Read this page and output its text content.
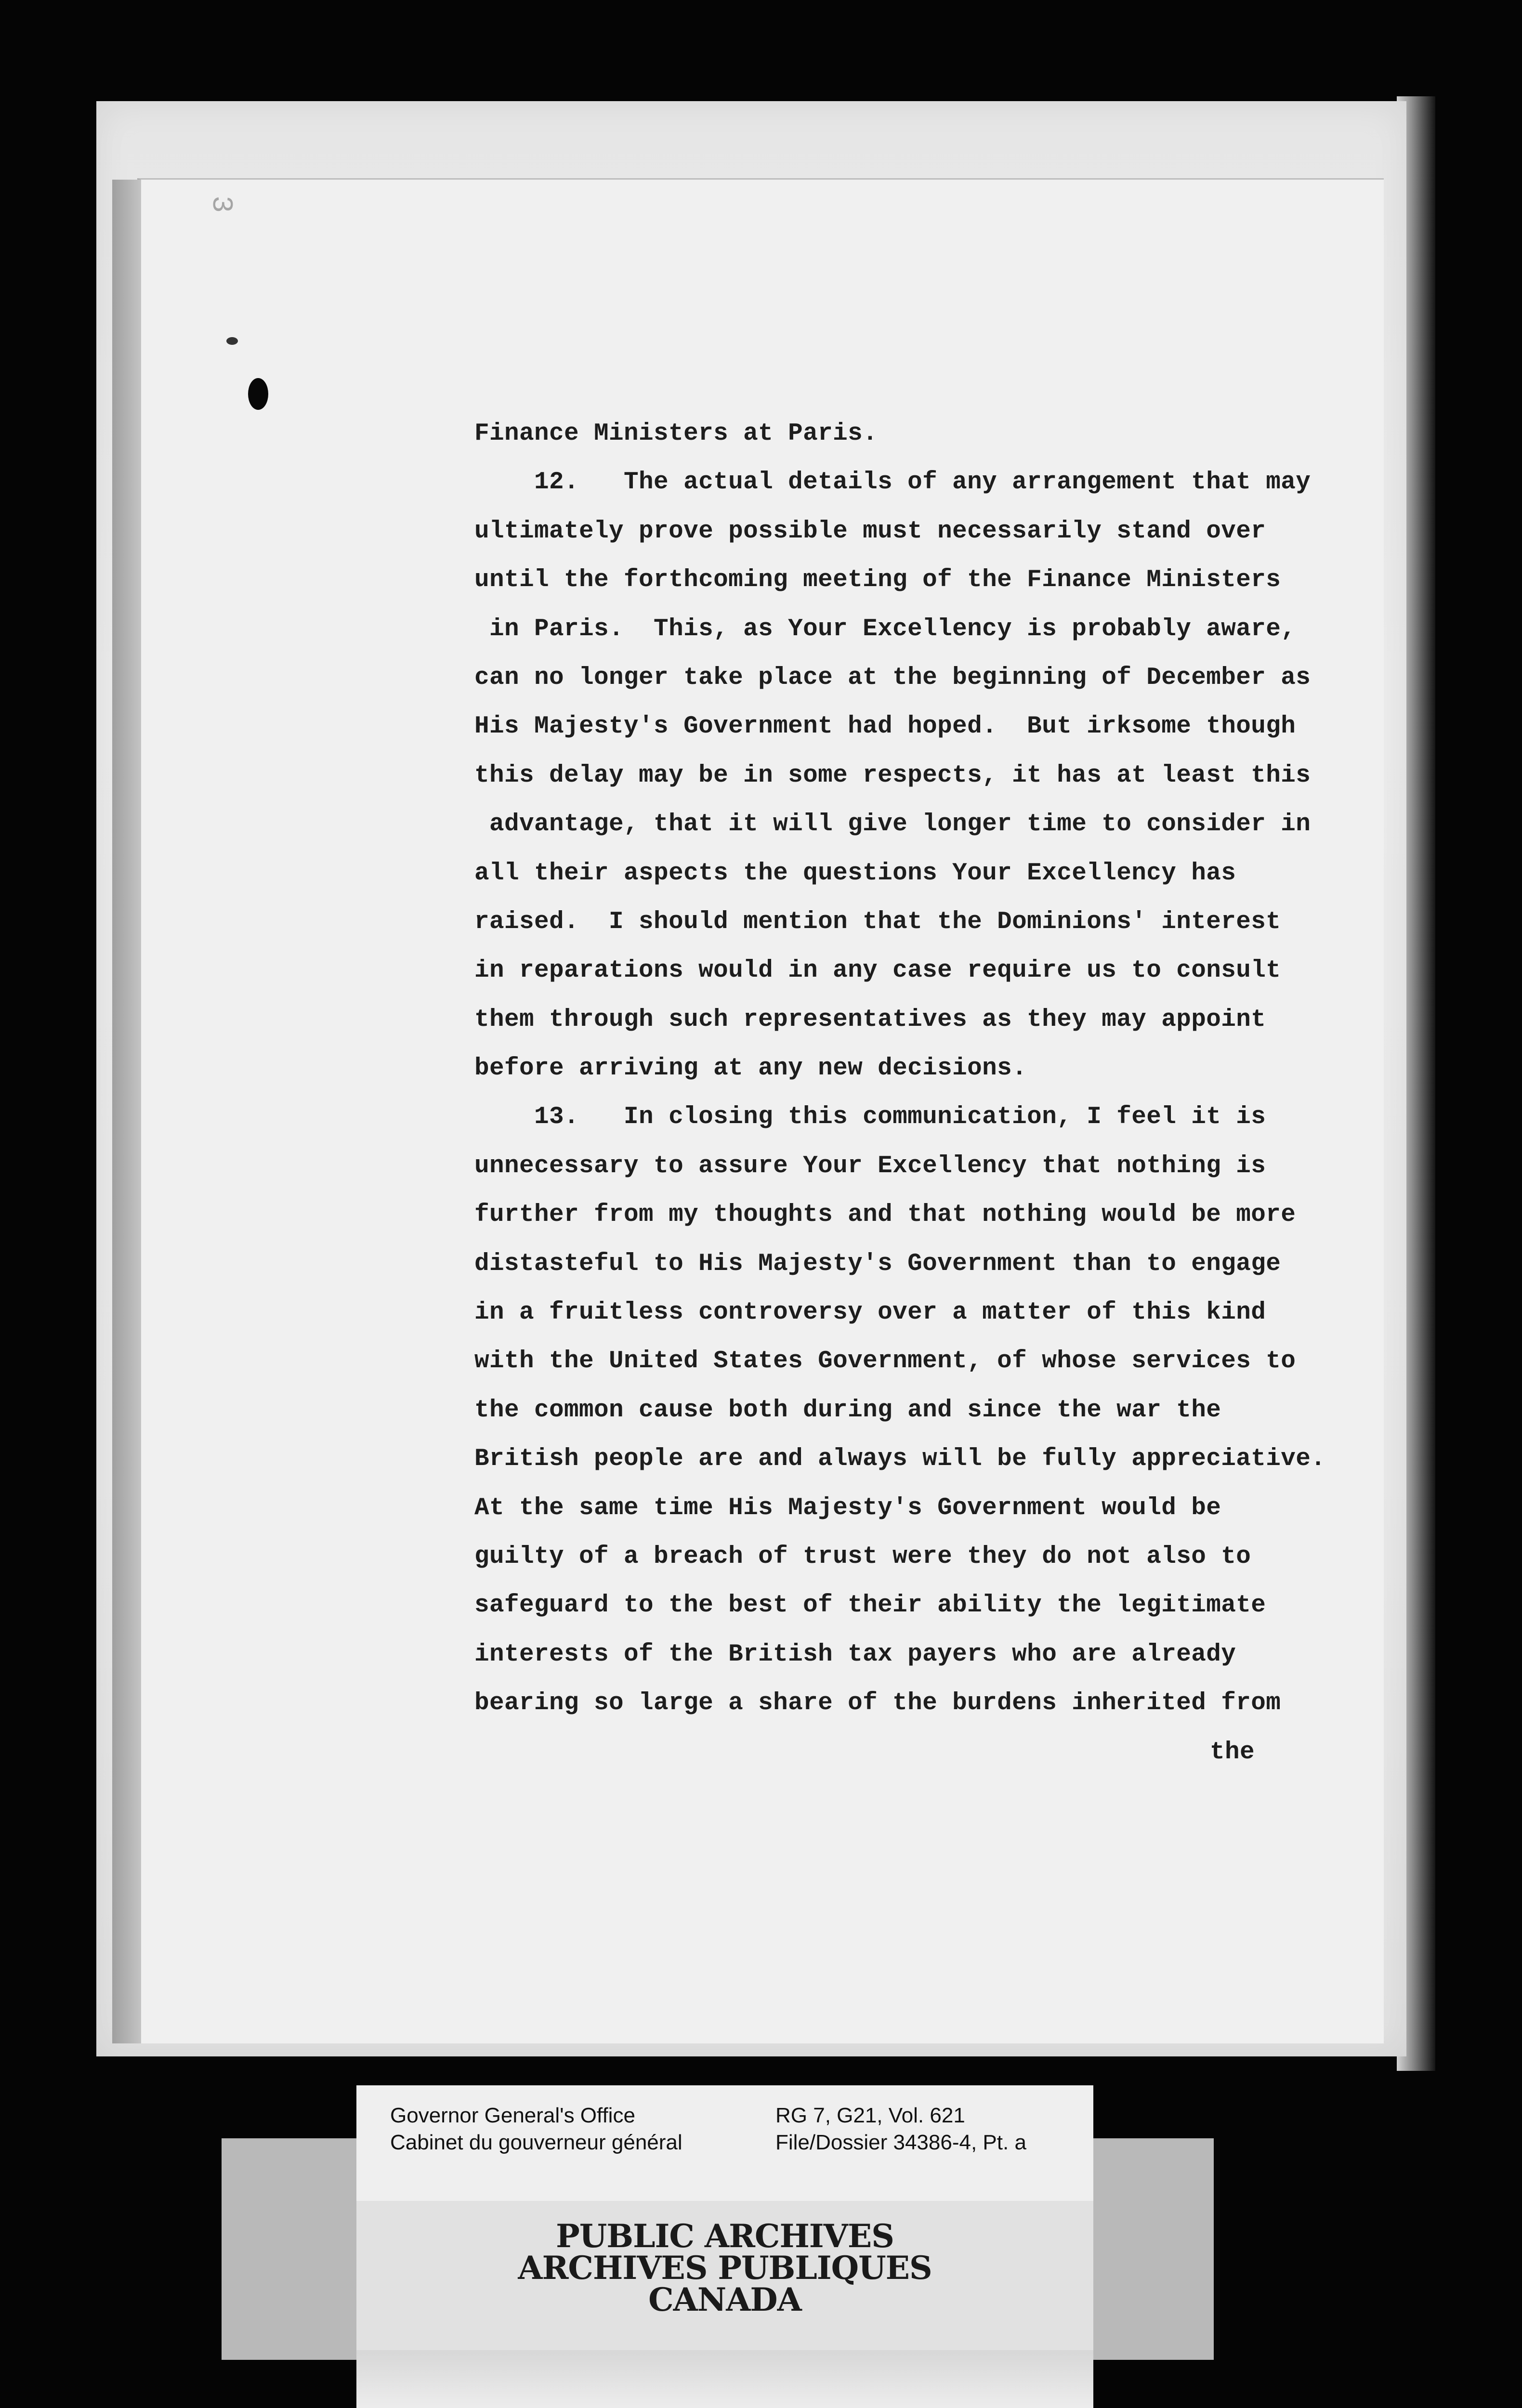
3
Finance Ministers at Paris.
12.   The actual details of any arrangement that may
ultimately prove possible must necessarily stand over
until the forthcoming meeting of the Finance Ministers
in Paris.  This, as Your Excellency is probably aware,
can no longer take place at the beginning of December as
His Majesty's Government had hoped.  But irksome though
this delay may be in some respects, it has at least this
advantage, that it will give longer time to consider in
all their aspects the questions Your Excellency has
raised.  I should mention that the Dominions' interest
in reparations would in any case require us to consult
them through such representatives as they may appoint
before arriving at any new decisions.
13.   In closing this communication, I feel it is
unnecessary to assure Your Excellency that nothing is
further from my thoughts and that nothing would be more
distasteful to His Majesty's Government than to engage
in a fruitless controversy over a matter of this kind
with the United States Government, of whose services to
the common cause both during and since the war the
British people are and always will be fully appreciative.
At the same time His Majesty's Government would be
guilty of a breach of trust were they do not also to
safeguard to the best of their ability the legitimate
interests of the British tax payers who are already
bearing so large a share of the burdens inherited from
the
Governor General's Office
Cabinet du gouverneur général
RG 7, G21, Vol. 621
File/Dossier 34386-4, Pt. a
PUBLIC ARCHIVES
ARCHIVES PUBLIQUES
CANADA
